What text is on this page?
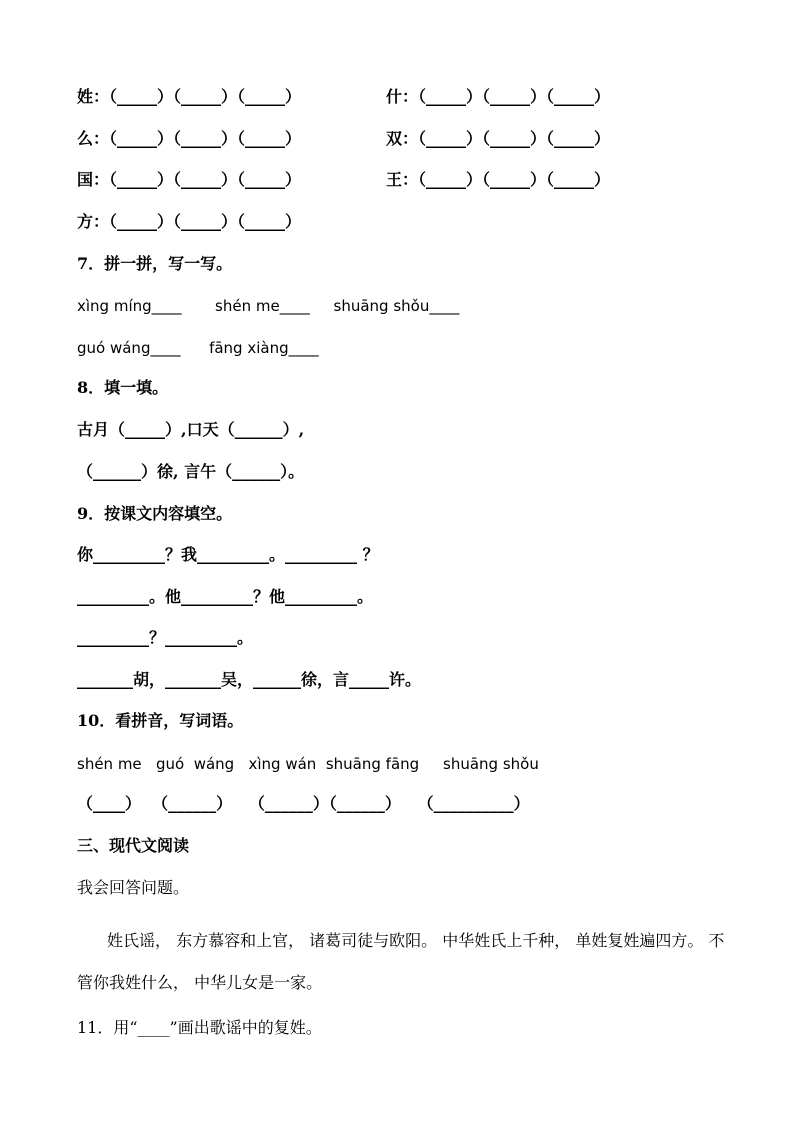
姓：（_____）（_____）（_____）	什：（_____）（_____）（_____）
么：（_____）（_____）（_____）	双：（_____）（_____）（_____）
国：（_____）（_____）（_____）	王：（_____）（_____）（_____）
方：（_____）（_____）（_____）
7．拼一拼，写一写。
xìng míng____       shén me____     shuāng shǒu____
guó wáng____      fāng xiàng____
8．填一填。
古月（_____）,口天（______）,
（______）徐, 言午（______）。
9．按课文内容填空。
你_________？我_________。_________ ？
_________。他_________？他_________。
_________？_________。
_______胡，_______吴，______徐，言_____许。
10．看拼音，写词语。
shén me   guó  wáng   xìng wán  shuāng fāng     shuāng shǒu
（____）  （______）   （______）（______）   （__________）
三、现代文阅读
我会回答问题。
姓氏谣， 东方慕容和上官， 诸葛司徒与欧阳。 中华姓氏上千种， 单姓复姓遍四方。 不管你我姓什么， 中华儿女是一家。
11．用“____”画出歌谣中的复姓。
